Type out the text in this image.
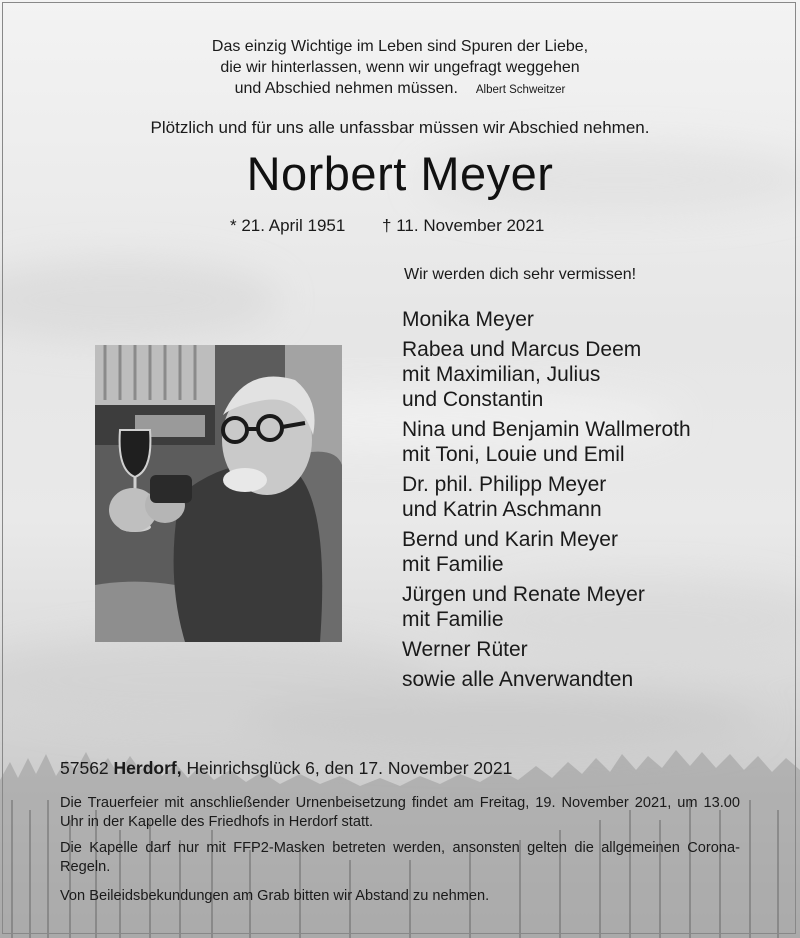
Das einzig Wichtige im Leben sind Spuren der Liebe,
die wir hinterlassen, wenn wir ungefragt weggehen
und Abschied nehmen müssen. Albert Schweitzer
Plötzlich und für uns alle unfassbar müssen wir Abschied nehmen.
Norbert Meyer
* 21. April 1951 † 11. November 2021
Wir werden dich sehr vermissen!
Monika Meyer
Rabea und Marcus Deem
mit Maximilian, Julius
und Constantin
Nina und Benjamin Wallmeroth
mit Toni, Louie und Emil
Dr. phil. Philipp Meyer
und Katrin Aschmann
Bernd und Karin Meyer
mit Familie
Jürgen und Renate Meyer
mit Familie
Werner Rüter
sowie alle Anverwandten
57562 Herdorf, Heinrichsglück 6, den 17. November 2021
Die Trauerfeier mit anschließender Urnenbeisetzung findet am Freitag, 19. November 2021, um 13.00 Uhr in der Kapelle des Friedhofs in Herdorf statt.
Die Kapelle darf nur mit FFP2-Masken betreten werden, ansonsten gelten die allgemeinen Corona-Regeln.
Von Beileidsbekundungen am Grab bitten wir Abstand zu nehmen.
